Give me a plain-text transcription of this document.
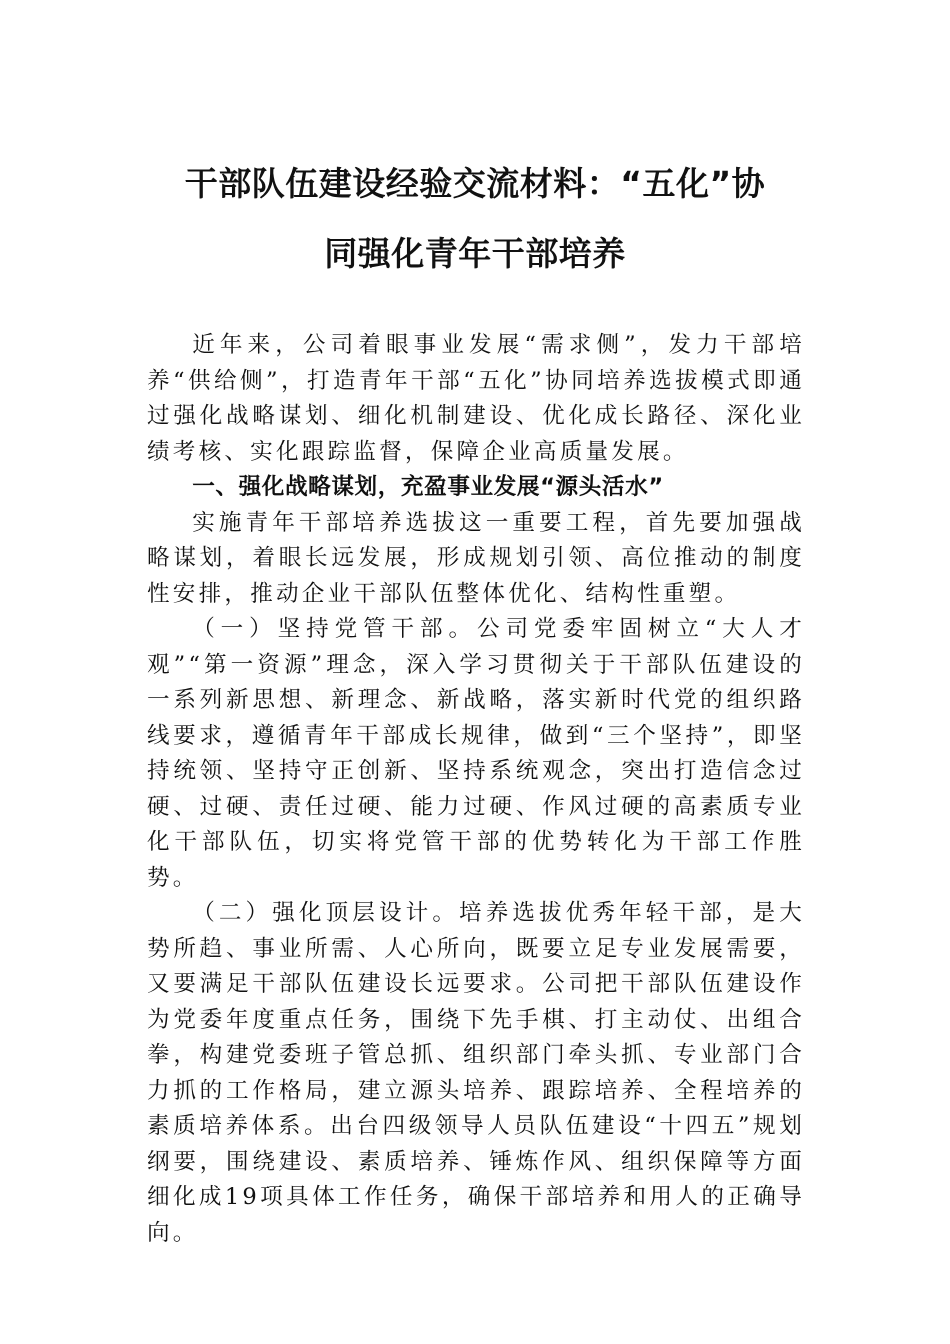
干部队伍建设经验交流材料：“五化”协
同强化青年干部培养

近年来，公司着眼事业发展“需求侧”，发力干部培养“供给侧”，打造青年干部“五化”协同培养选拔模式即通过强化战略谋划、细化机制建设、优化成长路径、深化业绩考核、实化跟踪监督，保障企业高质量发展。

一、强化战略谋划，充盈事业发展“源头活水”

实施青年干部培养选拔这一重要工程，首先要加强战略谋划，着眼长远发展，形成规划引领、高位推动的制度性安排，推动企业干部队伍整体优化、结构性重塑。

（一）坚持党管干部。公司党委牢固树立“大人才观”“第一资源”理念，深入学习贯彻关于干部队伍建设的一系列新思想、新理念、新战略，落实新时代党的组织路线要求，遵循青年干部成长规律，做到“三个坚持”，即坚持统领、坚持守正创新、坚持系统观念，突出打造信念过硬、过硬、责任过硬、能力过硬、作风过硬的高素质专业化干部队伍，切实将党管干部的优势转化为干部工作胜势。

（二）强化顶层设计。培养选拔优秀年轻干部，是大势所趋、事业所需、人心所向，既要立足专业发展需要，又要满足干部队伍建设长远要求。公司把干部队伍建设作为党委年度重点任务，围绕下先手棋、打主动仗、出组合拳，构建党委班子管总抓、组织部门牵头抓、专业部门合力抓的工作格局，建立源头培养、跟踪培养、全程培养的素质培养体系。出台四级领导人员队伍建设“十四五”规划纲要，围绕建设、素质培养、锤炼作风、组织保障等方面细化成19项具体工作任务，确保干部培养和用人的正确导向。
